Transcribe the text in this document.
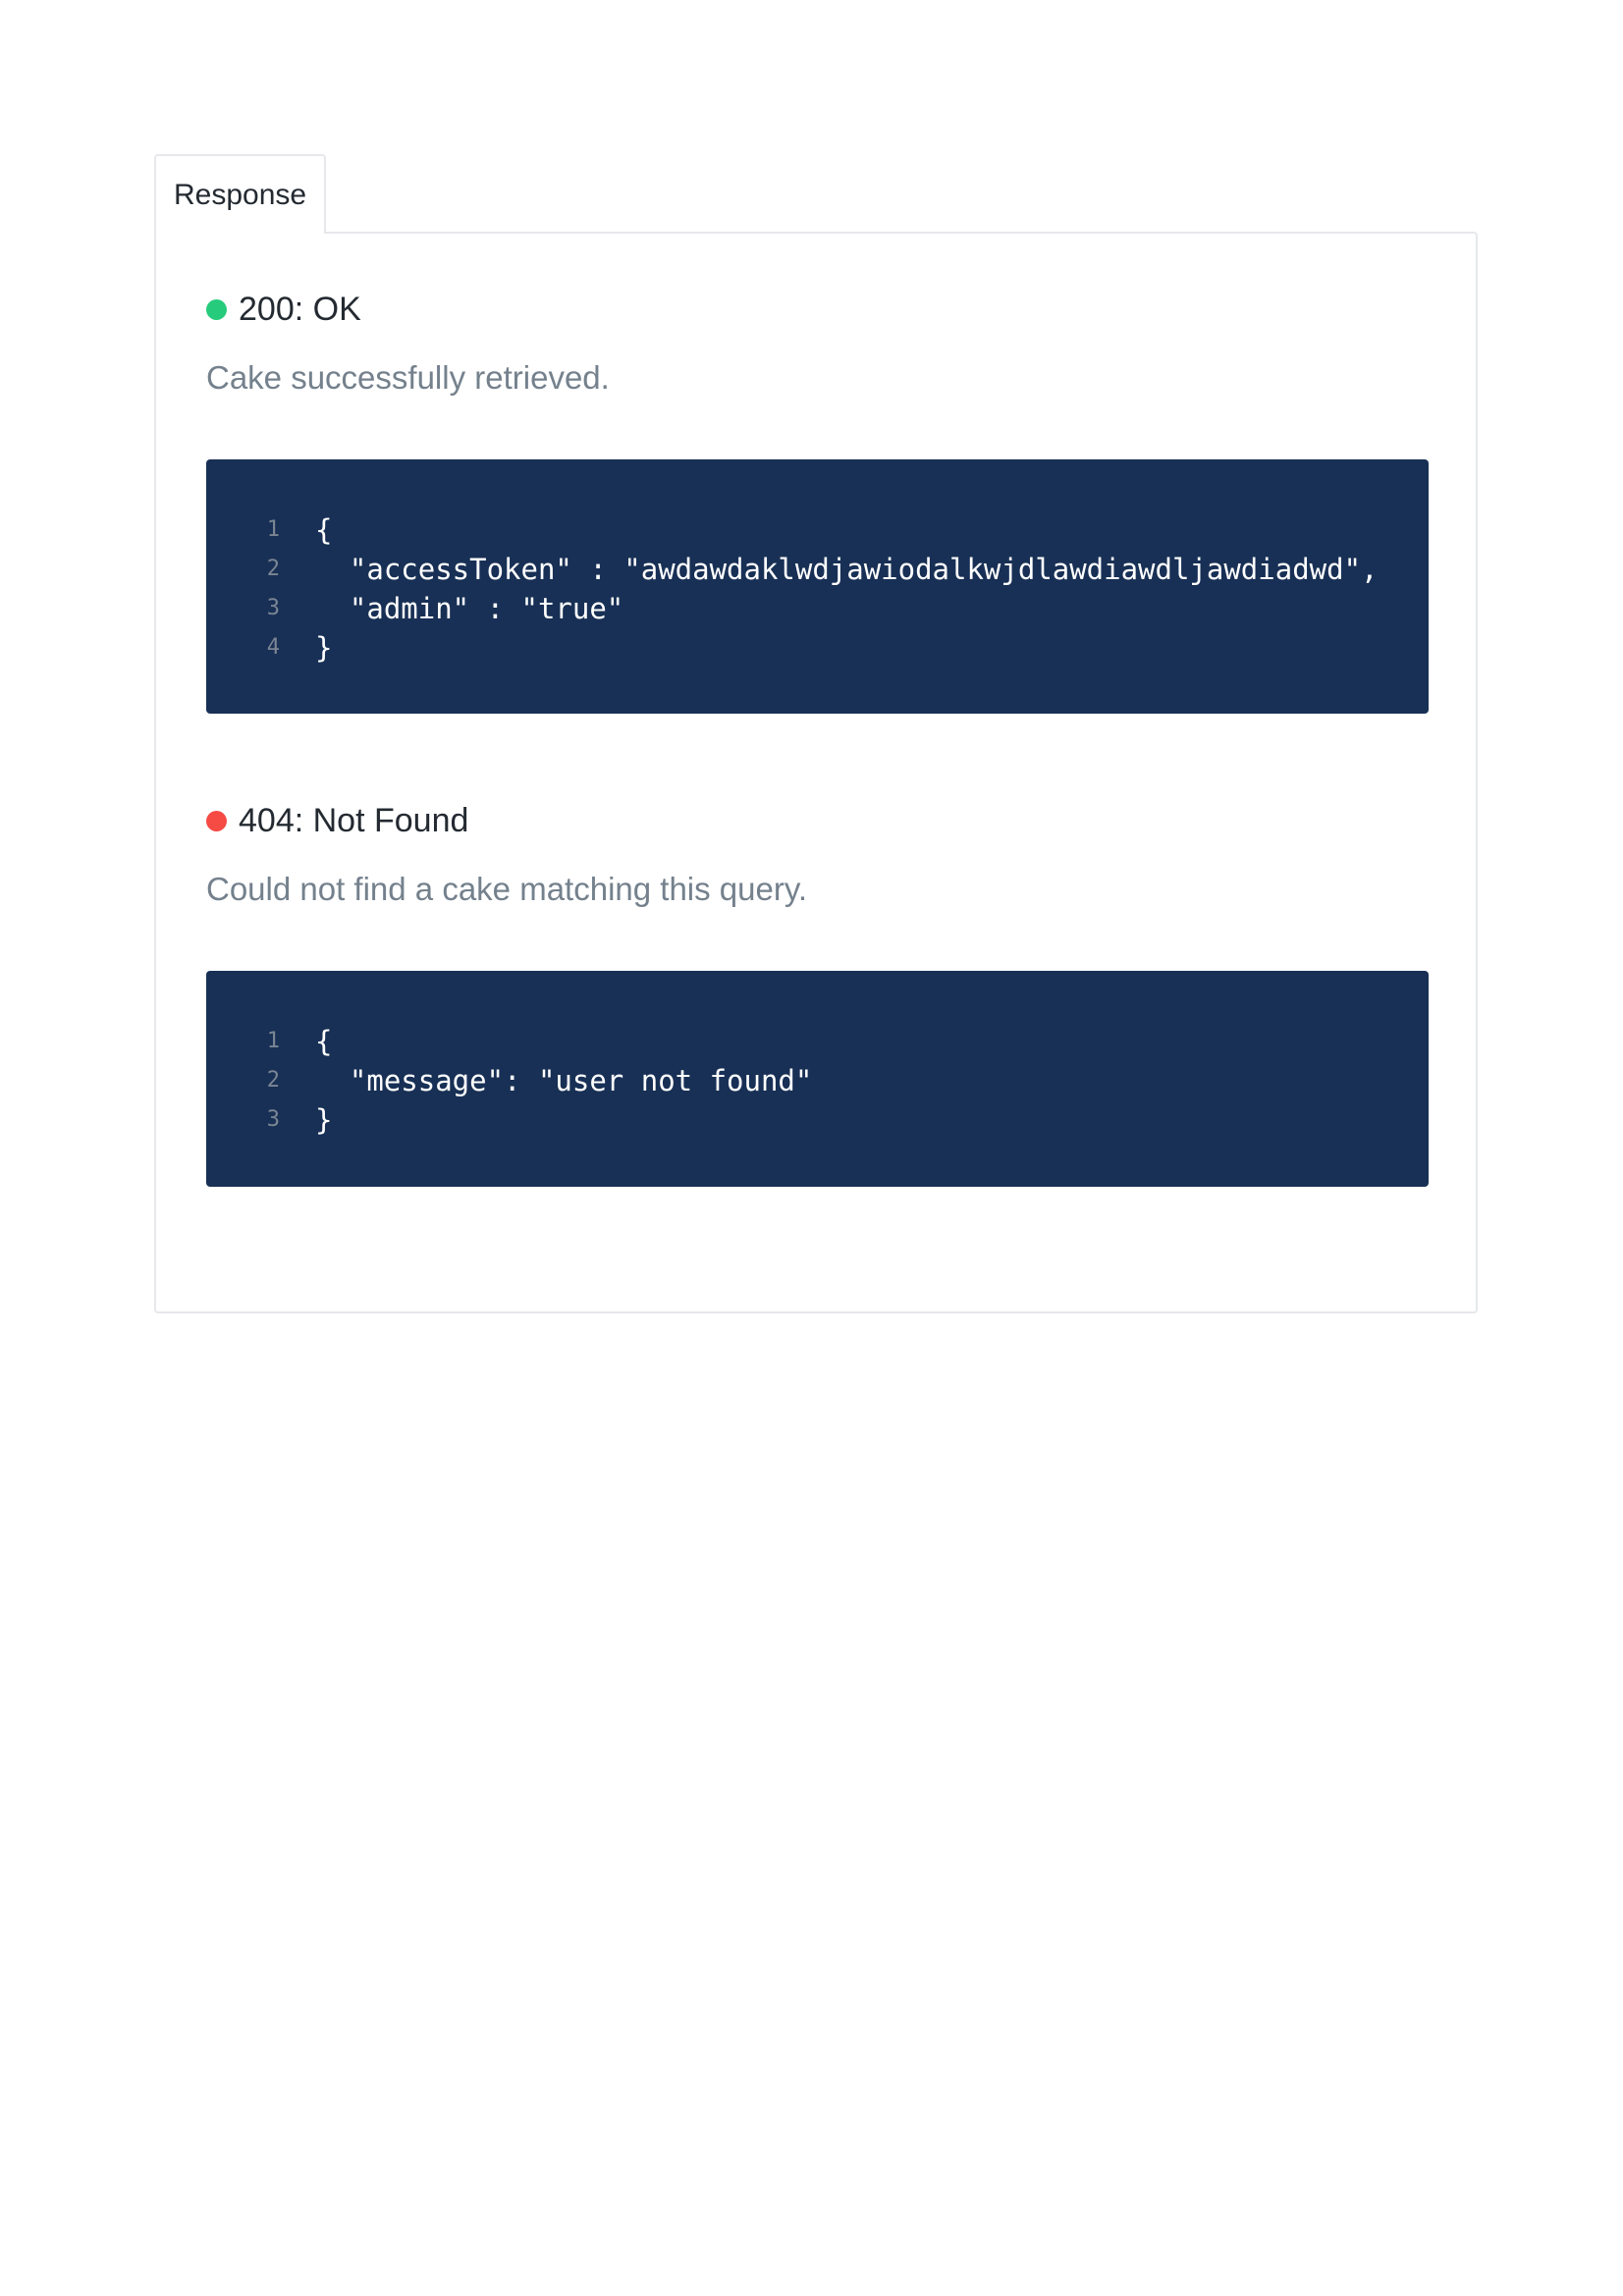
Response
200: OK
Cake successfully retrieved.
1	{
2	"accessToken" : "awdawdaklwdjawiodalkwjdlawdiawdljawdiadwd",
3	"admin" : "true"
4	}
404: Not Found
Could not find a cake matching this query.
1	{
2	"message": "user not found"
3	}
